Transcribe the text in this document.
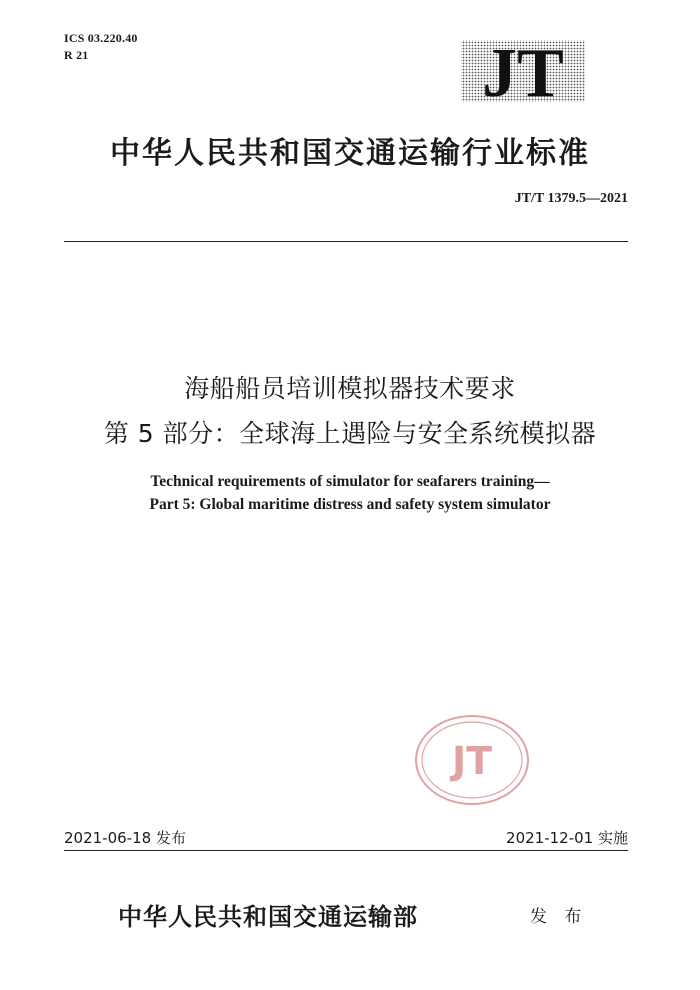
ICS 03.220.40
R 21	JT
中华人民共和国交通运输行业标准
JT/T 1379.5—2021
海船船员培训模拟器技术要求
第 5 部分：全球海上遇险与安全系统模拟器
Technical requirements of simulator for seafarers training—
Part 5: Global maritime distress and safety system simulator
JT
2021-06-18 发布	2021-12-01 实施
中华人民共和国交通运输部	发 布
